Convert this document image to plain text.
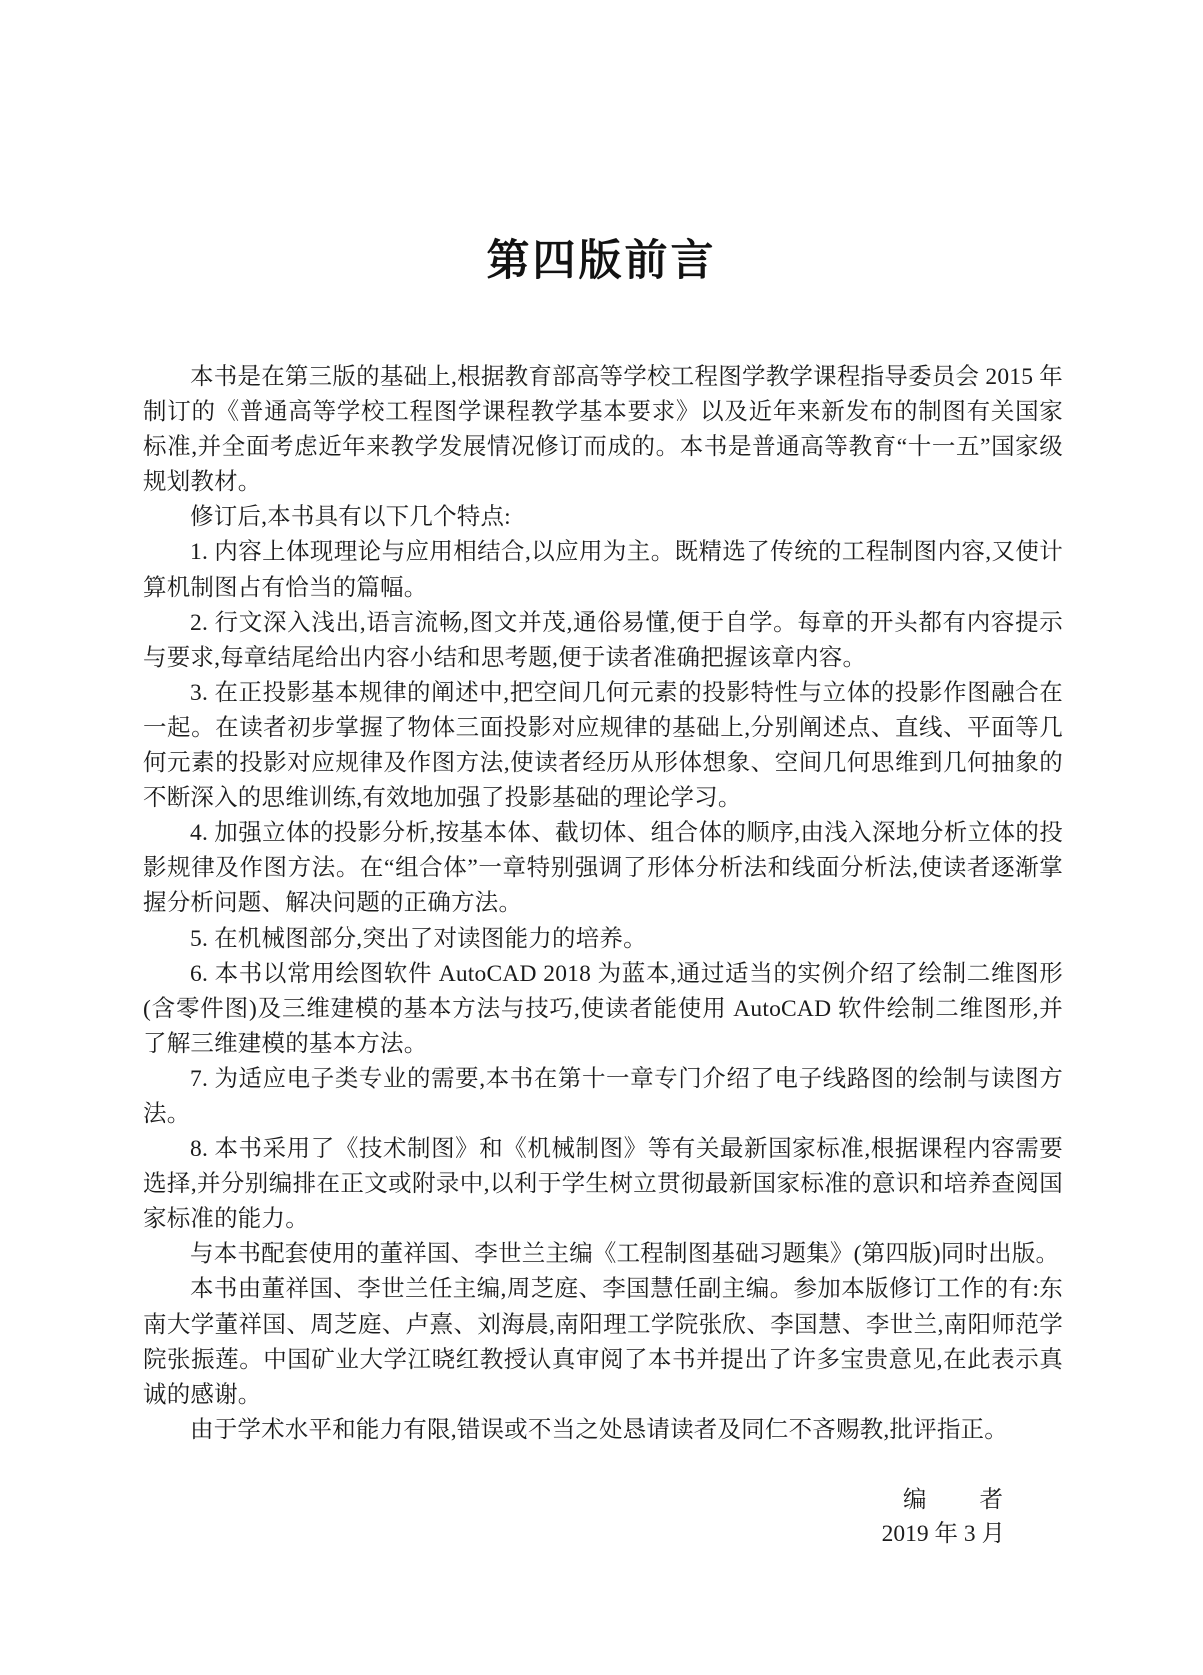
第四版前言

本书是在第三版的基础上,根据教育部高等学校工程图学教学课程指导委员会 2015 年制订的《普通高等学校工程图学课程教学基本要求》以及近年来新发布的制图有关国家标准,并全面考虑近年来教学发展情况修订而成的。本书是普通高等教育“十一五”国家级规划教材。

修订后,本书具有以下几个特点:

1. 内容上体现理论与应用相结合,以应用为主。既精选了传统的工程制图内容,又使计算机制图占有恰当的篇幅。

2. 行文深入浅出,语言流畅,图文并茂,通俗易懂,便于自学。每章的开头都有内容提示与要求,每章结尾给出内容小结和思考题,便于读者准确把握该章内容。

3. 在正投影基本规律的阐述中,把空间几何元素的投影特性与立体的投影作图融合在一起。在读者初步掌握了物体三面投影对应规律的基础上,分别阐述点、直线、平面等几何元素的投影对应规律及作图方法,使读者经历从形体想象、空间几何思维到几何抽象的不断深入的思维训练,有效地加强了投影基础的理论学习。

4. 加强立体的投影分析,按基本体、截切体、组合体的顺序,由浅入深地分析立体的投影规律及作图方法。在“组合体”一章特别强调了形体分析法和线面分析法,使读者逐渐掌握分析问题、解决问题的正确方法。

5. 在机械图部分,突出了对读图能力的培养。

6. 本书以常用绘图软件 AutoCAD 2018 为蓝本,通过适当的实例介绍了绘制二维图形(含零件图)及三维建模的基本方法与技巧,使读者能使用 AutoCAD 软件绘制二维图形,并了解三维建模的基本方法。

7. 为适应电子类专业的需要,本书在第十一章专门介绍了电子线路图的绘制与读图方法。

8. 本书采用了《技术制图》和《机械制图》等有关最新国家标准,根据课程内容需要选择,并分别编排在正文或附录中,以利于学生树立贯彻最新国家标准的意识和培养查阅国家标准的能力。

与本书配套使用的董祥国、李世兰主编《工程制图基础习题集》(第四版)同时出版。

本书由董祥国、李世兰任主编,周芝庭、李国慧任副主编。参加本版修订工作的有:东南大学董祥国、周芝庭、卢熹、刘海晨,南阳理工学院张欣、李国慧、李世兰,南阳师范学院张振莲。中国矿业大学江晓红教授认真审阅了本书并提出了许多宝贵意见,在此表示真诚的感谢。

由于学术水平和能力有限,错误或不当之处恳请读者及同仁不吝赐教,批评指正。

编　　者
2019 年 3 月
